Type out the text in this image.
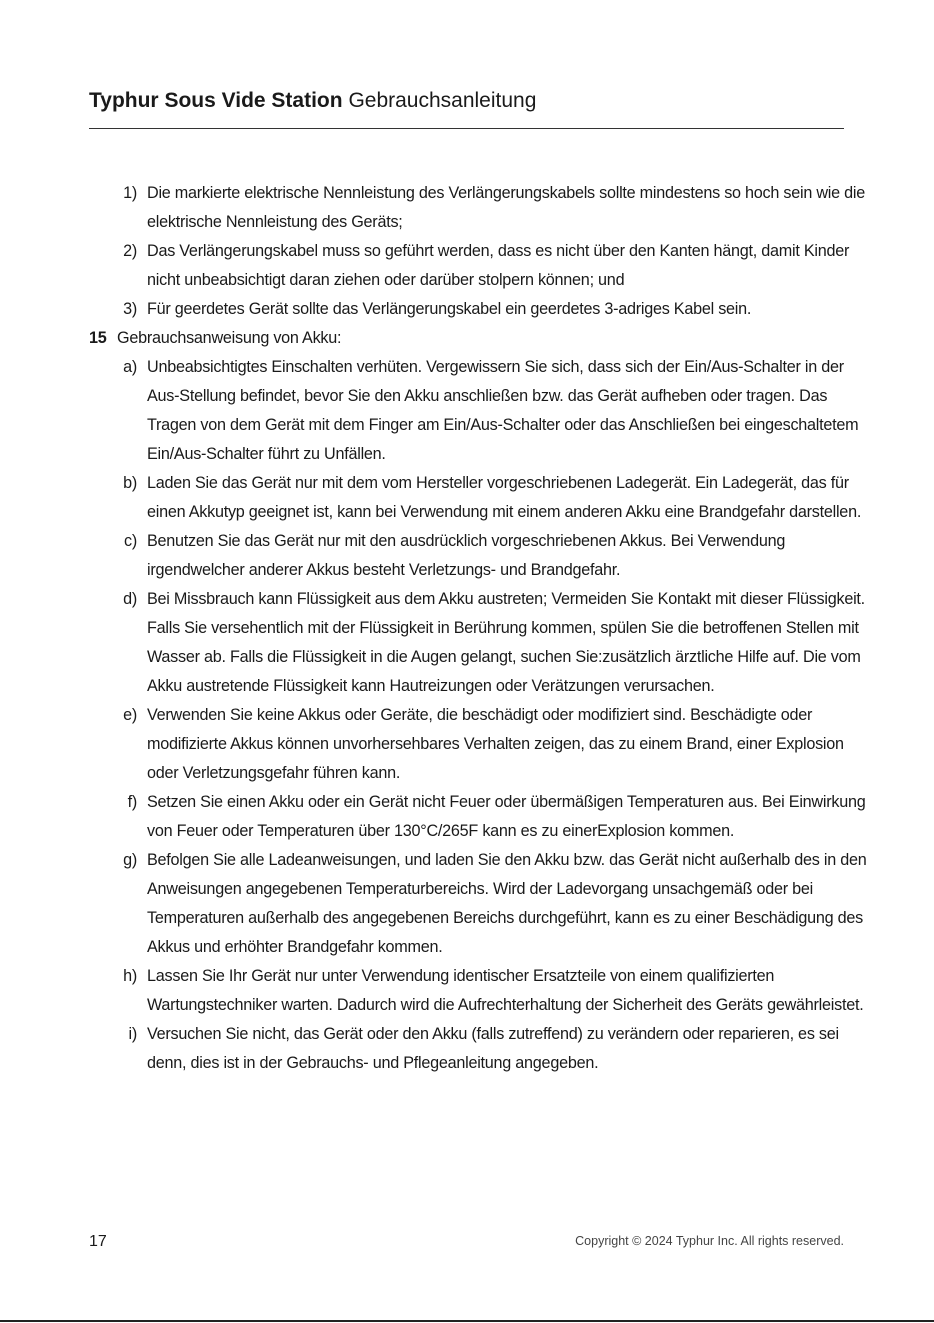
Typhur Sous Vide Station Gebrauchsanleitung
1) Die markierte elektrische Nennleistung des Verlängerungskabels sollte mindestens so hoch sein wie die elektrische Nennleistung des Geräts;
2) Das Verlängerungskabel muss so geführt werden, dass es nicht über den Kanten hängt, damit Kinder nicht unbeabsichtigt daran ziehen oder darüber stolpern können; und
3) Für geerdetes Gerät sollte das Verlängerungskabel ein geerdetes 3-adriges Kabel sein.
15 Gebrauchsanweisung von Akku:
a) Unbeabsichtigtes Einschalten verhüten. Vergewissern Sie sich, dass sich der Ein/Aus-Schalter in der Aus-Stellung befindet, bevor Sie den Akku anschließen bzw. das Gerät aufheben oder tragen. Das Tragen von dem Gerät mit dem Finger am Ein/Aus-Schalter oder das Anschließen bei eingeschaltetem Ein/Aus-Schalter führt zu Unfällen.
b) Laden Sie das Gerät nur mit dem vom Hersteller vorgeschriebenen Ladegerät. Ein Ladegerät, das für einen Akkutyp geeignet ist, kann bei Verwendung mit einem anderen Akku eine Brandgefahr darstellen.
c) Benutzen Sie das Gerät nur mit den ausdrücklich vorgeschriebenen Akkus. Bei Verwendung irgendwelcher anderer Akkus besteht Verletzungs- und Brandgefahr.
d) Bei Missbrauch kann Flüssigkeit aus dem Akku austreten; Vermeiden Sie Kontakt mit dieser Flüssigkeit. Falls Sie versehentlich mit der Flüssigkeit in Berührung kommen, spülen Sie die betroffenen Stellen mit Wasser ab. Falls die Flüssigkeit in die Augen gelangt, suchen Sie:zusätzlich ärztliche Hilfe auf. Die vom Akku austretende Flüssigkeit kann Hautreizungen oder Verätzungen verursachen.
e) Verwenden Sie keine Akkus oder Geräte, die beschädigt oder modifiziert sind. Beschädigte oder modifizierte Akkus können unvorhersehbares Verhalten zeigen, das zu einem Brand, einer Explosion oder Verletzungsgefahr führen kann.
f) Setzen Sie einen Akku oder ein Gerät nicht Feuer oder übermäßigen Temperaturen aus. Bei Einwirkung von Feuer oder Temperaturen über 130°C/265F kann es zu einerExplosion kommen.
g) Befolgen Sie alle Ladeanweisungen, und laden Sie den Akku bzw. das Gerät nicht außerhalb des in den Anweisungen angegebenen Temperaturbereichs. Wird der Ladevorgang unsachgemäß oder bei Temperaturen außerhalb des angegebenen Bereichs durchgeführt, kann es zu einer Beschädigung des Akkus und erhöhter Brandgefahr kommen.
h) Lassen Sie Ihr Gerät nur unter Verwendung identischer Ersatzteile von einem qualifizierten Wartungstechniker warten. Dadurch wird die Aufrechterhaltung der Sicherheit des Geräts gewährleistet.
i) Versuchen Sie nicht, das Gerät oder den Akku (falls zutreffend) zu verändern oder reparieren, es sei denn, dies ist in der Gebrauchs- und Pflegeanleitung angegeben.
17	Copyright © 2024 Typhur Inc. All rights reserved.
